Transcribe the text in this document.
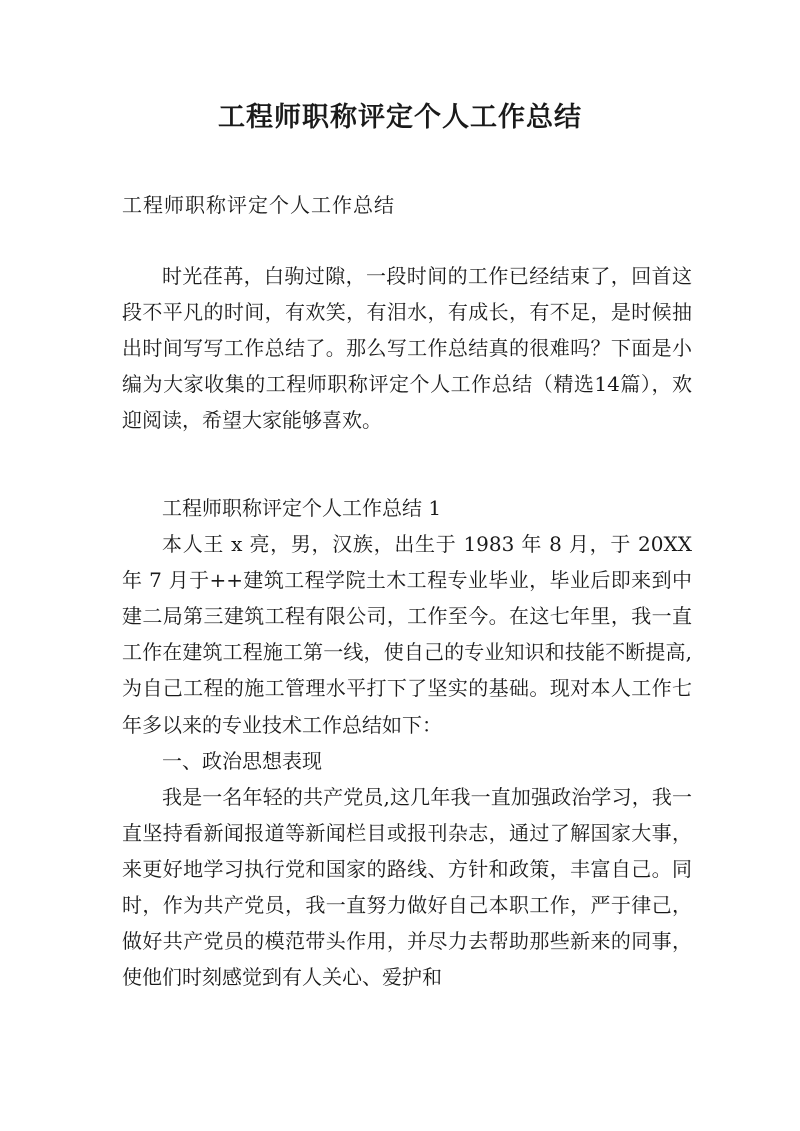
工程师职称评定个人工作总结
工程师职称评定个人工作总结

时光荏苒，白驹过隙，一段时间的工作已经结束了，回首这段不平凡的时间，有欢笑，有泪水，有成长，有不足，是时候抽出时间写写工作总结了。那么写工作总结真的很难吗？下面是小编为大家收集的工程师职称评定个人工作总结（精选14篇），欢迎阅读，希望大家能够喜欢。

工程师职称评定个人工作总结 1

本人王 x 亮，男，汉族，出生于 1983 年 8 月，于 20XX 年 7 月于++建筑工程学院土木工程专业毕业，毕业后即来到中建二局第三建筑工程有限公司，工作至今。在这七年里，我一直工作在建筑工程施工第一线，使自己的专业知识和技能不断提高,为自己工程的施工管理水平打下了坚实的基础。现对本人工作七年多以来的专业技术工作总结如下：

一、政治思想表现

我是一名年轻的共产党员,这几年我一直加强政治学习，我一直坚持看新闻报道等新闻栏目或报刊杂志，通过了解国家大事，来更好地学习执行党和国家的路线、方针和政策，丰富自己。同时，作为共产党员，我一直努力做好自己本职工作，严于律己，做好共产党员的模范带头作用，并尽力去帮助那些新来的同事，使他们时刻感觉到有人关心、爱护和
